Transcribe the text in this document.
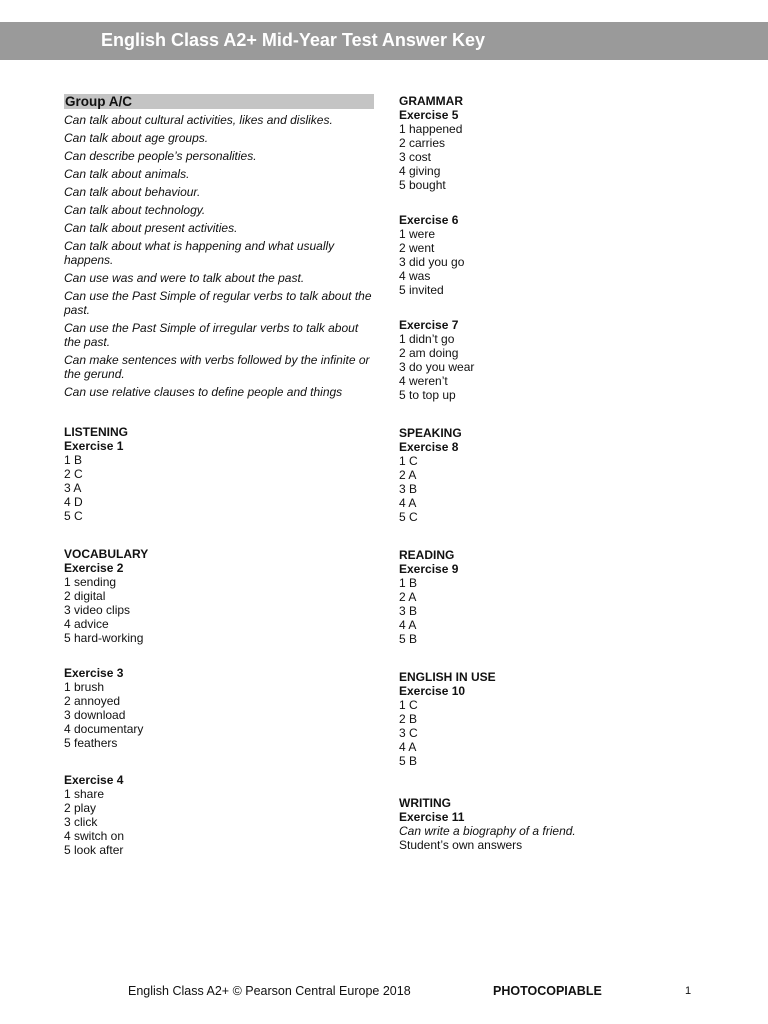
English Class A2+ Mid-Year Test Answer Key
Group A/C
Can talk about cultural activities, likes and dislikes.
Can talk about age groups.
Can describe people’s personalities.
Can talk about animals.
Can talk about behaviour.
Can talk about technology.
Can talk about present activities.
Can talk about what is happening and what usually happens.
Can use was and were to talk about the past.
Can use the Past Simple of regular verbs to talk about the past.
Can use the Past Simple of irregular verbs to talk about the past.
Can make sentences with verbs followed by the infinite or the gerund.
Can use relative clauses to define people and things
LISTENING
Exercise 1
1 B
2 C
3 A
4 D
5 C
VOCABULARY
Exercise 2
1 sending
2 digital
3 video clips
4 advice
5 hard-working
Exercise 3
1 brush
2 annoyed
3 download
4 documentary
5 feathers
Exercise 4
1 share
2 play
3 click
4 switch on
5 look after
GRAMMAR
Exercise 5
1 happened
2 carries
3 cost
4 giving
5 bought
Exercise 6
1 were
2 went
3 did you go
4 was
5 invited
Exercise 7
1 didn’t go
2 am doing
3 do you wear
4 weren’t
5 to top up
SPEAKING
Exercise 8
1 C
2 A
3 B
4 A
5 C
READING
Exercise 9
1 B
2 A
3 B
4 A
5 B
ENGLISH IN USE
Exercise 10
1 C
2 B
3 C
4 A
5 B
WRITING
Exercise 11
Can write a biography of a friend.
Student’s own answers
English Class A2+ © Pearson Central Europe 2018	PHOTOCOPIABLE	1
